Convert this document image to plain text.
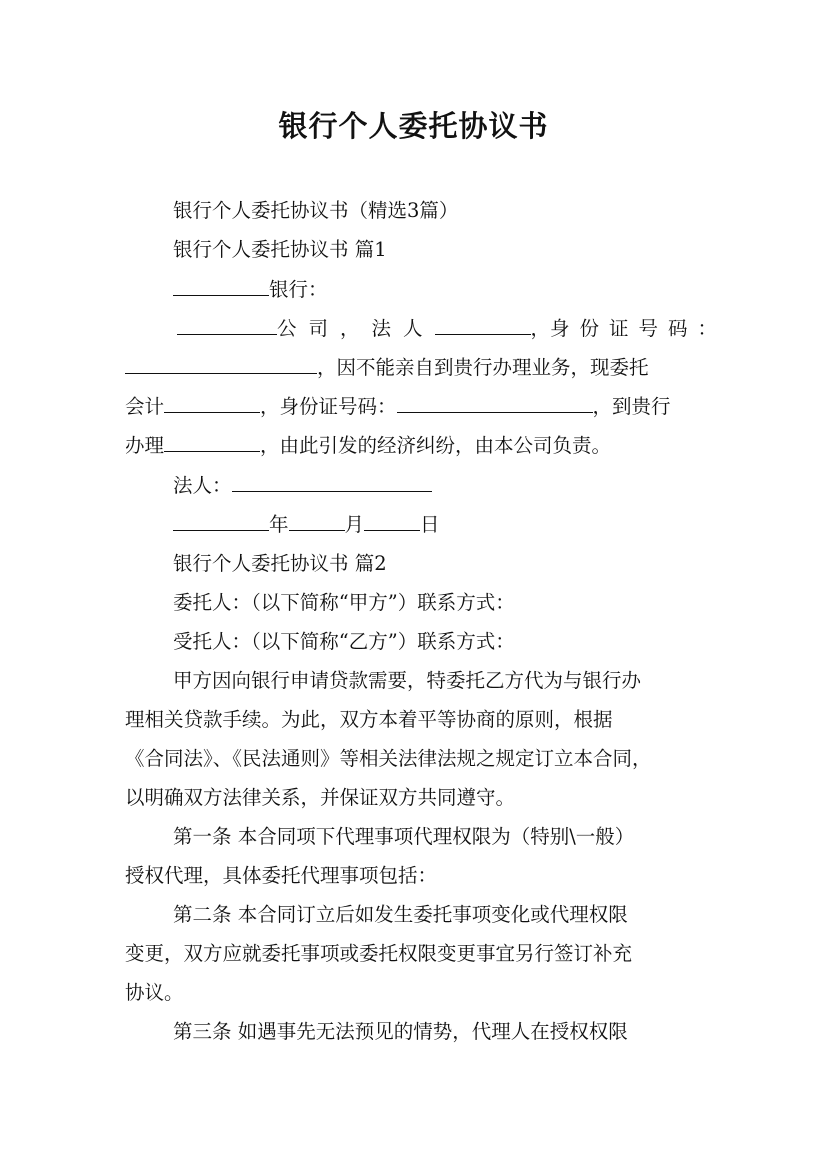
银行个人委托协议书
银行个人委托协议书（精选3篇）
银行个人委托协议书 篇1
银行：
公司，法人	， 身份证号码：
，因不能亲自到贵行办理业务，现委托
会计	，身份证号码：	，到贵行
办理	，由此引发的经济纠纷，由本公司负责。
法人：
年	月	日
银行个人委托协议书 篇2
委托人：（以下简称“甲方”）联系方式：
受托人：（以下简称“乙方”）联系方式：
甲方因向银行申请贷款需要，特委托乙方代为与银行办
理相关贷款手续。为此，双方本着平等协商的原则，根据
《合同法》、《民法通则》等相关法律法规之规定订立本合同，
以明确双方法律关系，并保证双方共同遵守。
第一条 本合同项下代理事项代理权限为（特别\一般）
授权代理，具体委托代理事项包括：
第二条 本合同订立后如发生委托事项变化或代理权限
变更，双方应就委托事项或委托权限变更事宜另行签订补充
协议。
第三条 如遇事先无法预见的情势，代理人在授权权限
